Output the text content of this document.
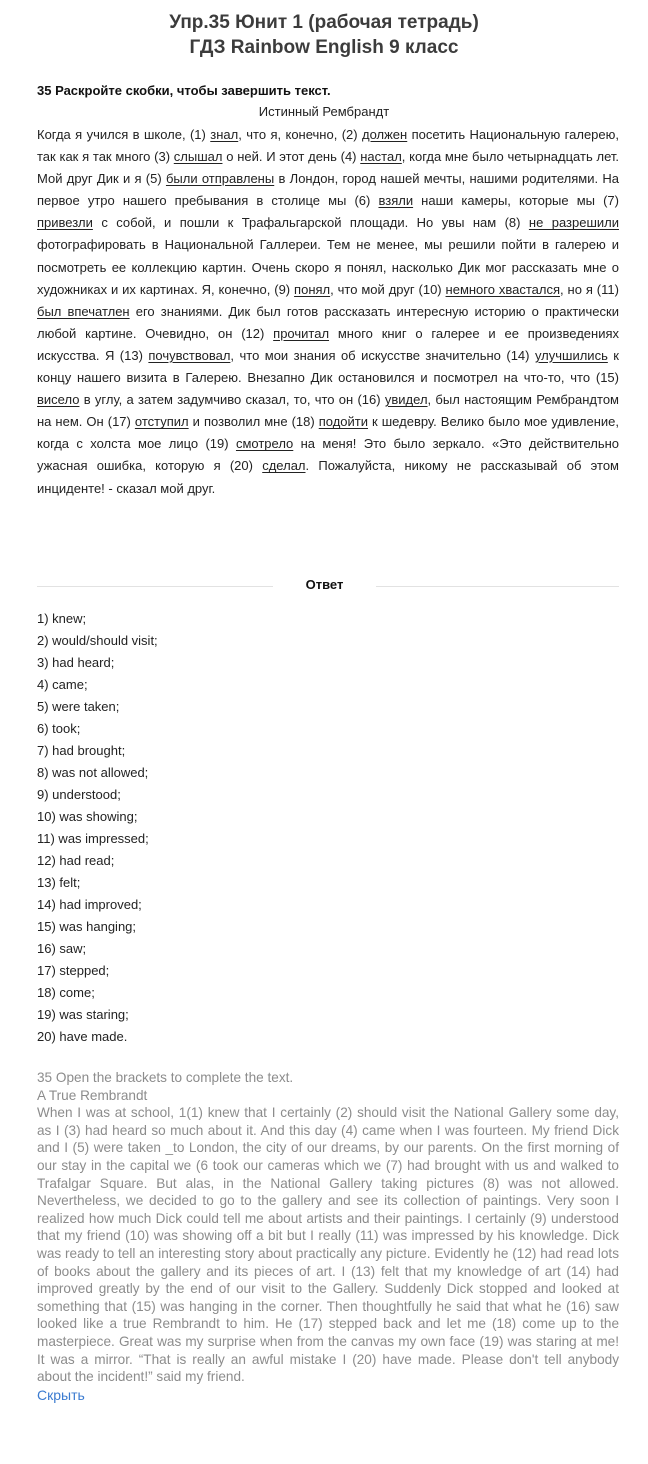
Упр.35 Юнит 1 (рабочая тетрадь)
ГДЗ Rainbow English 9 класс
35 Раскройте скобки, чтобы завершить текст.
Истинный Рембрандт
Когда я учился в школе, (1) знал, что я, конечно, (2) должен посетить Национальную галерею, так как я так много (3) слышал о ней. И этот день (4) настал, когда мне было четырнадцать лет. Мой друг Дик и я (5) были отправлены в Лондон, город нашей мечты, нашими родителями. На первое утро нашего пребывания в столице мы (6) взяли наши камеры, которые мы (7) привезли с собой, и пошли к Трафальгарской площади. Но увы нам (8) не разрешили фотографировать в Национальной Галлереи. Тем не менее, мы решили пойти в галерею и посмотреть ее коллекцию картин. Очень скоро я понял, насколько Дик мог рассказать мне о художниках и их картинах. Я, конечно, (9) понял, что мой друг (10) немного хвастался, но я (11) был впечатлен его знаниями. Дик был готов рассказать интересную историю о практически любой картине. Очевидно, он (12) прочитал много книг о галерее и ее произведениях искусства. Я (13) почувствовал, что мои знания об искусстве значительно (14) улучшились к концу нашего визита в Галерею. Внезапно Дик остановился и посмотрел на что-то, что (15) висело в углу, а затем задумчиво сказал, то, что он (16) увидел, был настоящим Рембрандтом на нем. Он (17) отступил и позволил мне (18) подойти к шедевру. Велико было мое удивление, когда с холста мое лицо (19) смотрело на меня! Это было зеркало. «Это действительно ужасная ошибка, которую я (20) сделал. Пожалуйста, никому не рассказывай об этом инциденте! - сказал мой друг.
Ответ
1) knew;
2) would/should visit;
3) had heard;
4) came;
5) were taken;
6) took;
7) had brought;
8) was not allowed;
9) understood;
10) was showing;
11) was impressed;
12) had read;
13) felt;
14) had improved;
15) was hanging;
16) saw;
17) stepped;
18) come;
19) was staring;
20) have made.
35 Open the brackets to complete the text.
A True Rembrandt
When I was at school, 1(1) knew that I certainly (2) should visit the National Gallery some day, as I (3) had heard so much about it. And this day (4) came when I was fourteen. My friend Dick and I (5) were taken _to London, the city of our dreams, by our parents. On the first morning of our stay in the capital we (6 took our cameras which we (7) had brought with us and walked to Trafalgar Square. But alas, in the National Gallery taking pictures (8) was not allowed. Nevertheless, we decided to go to the gallery and see its collection of paintings. Very soon I realized how much Dick could tell me about artists and their paintings. I certainly (9) understood that my friend (10) was showing off a bit but I really (11) was impressed by his knowledge. Dick was ready to tell an interesting story about practically any picture. Evidently he (12) had read lots of books about the gallery and its pieces of art. I (13) felt that my knowledge of art (14) had improved greatly by the end of our visit to the Gallery. Suddenly Dick stopped and looked at something that (15) was hanging in the corner. Then thoughtfully he said that what he (16) saw looked like a true Rembrandt to him. He (17) stepped back and let me (18) come up to the masterpiece. Great was my surprise when from the canvas my own face (19) was staring at me! It was a mirror. “That is really an awful mistake I (20) have made. Please don't tell anybody about the incident!” said my friend.
Скрыть
